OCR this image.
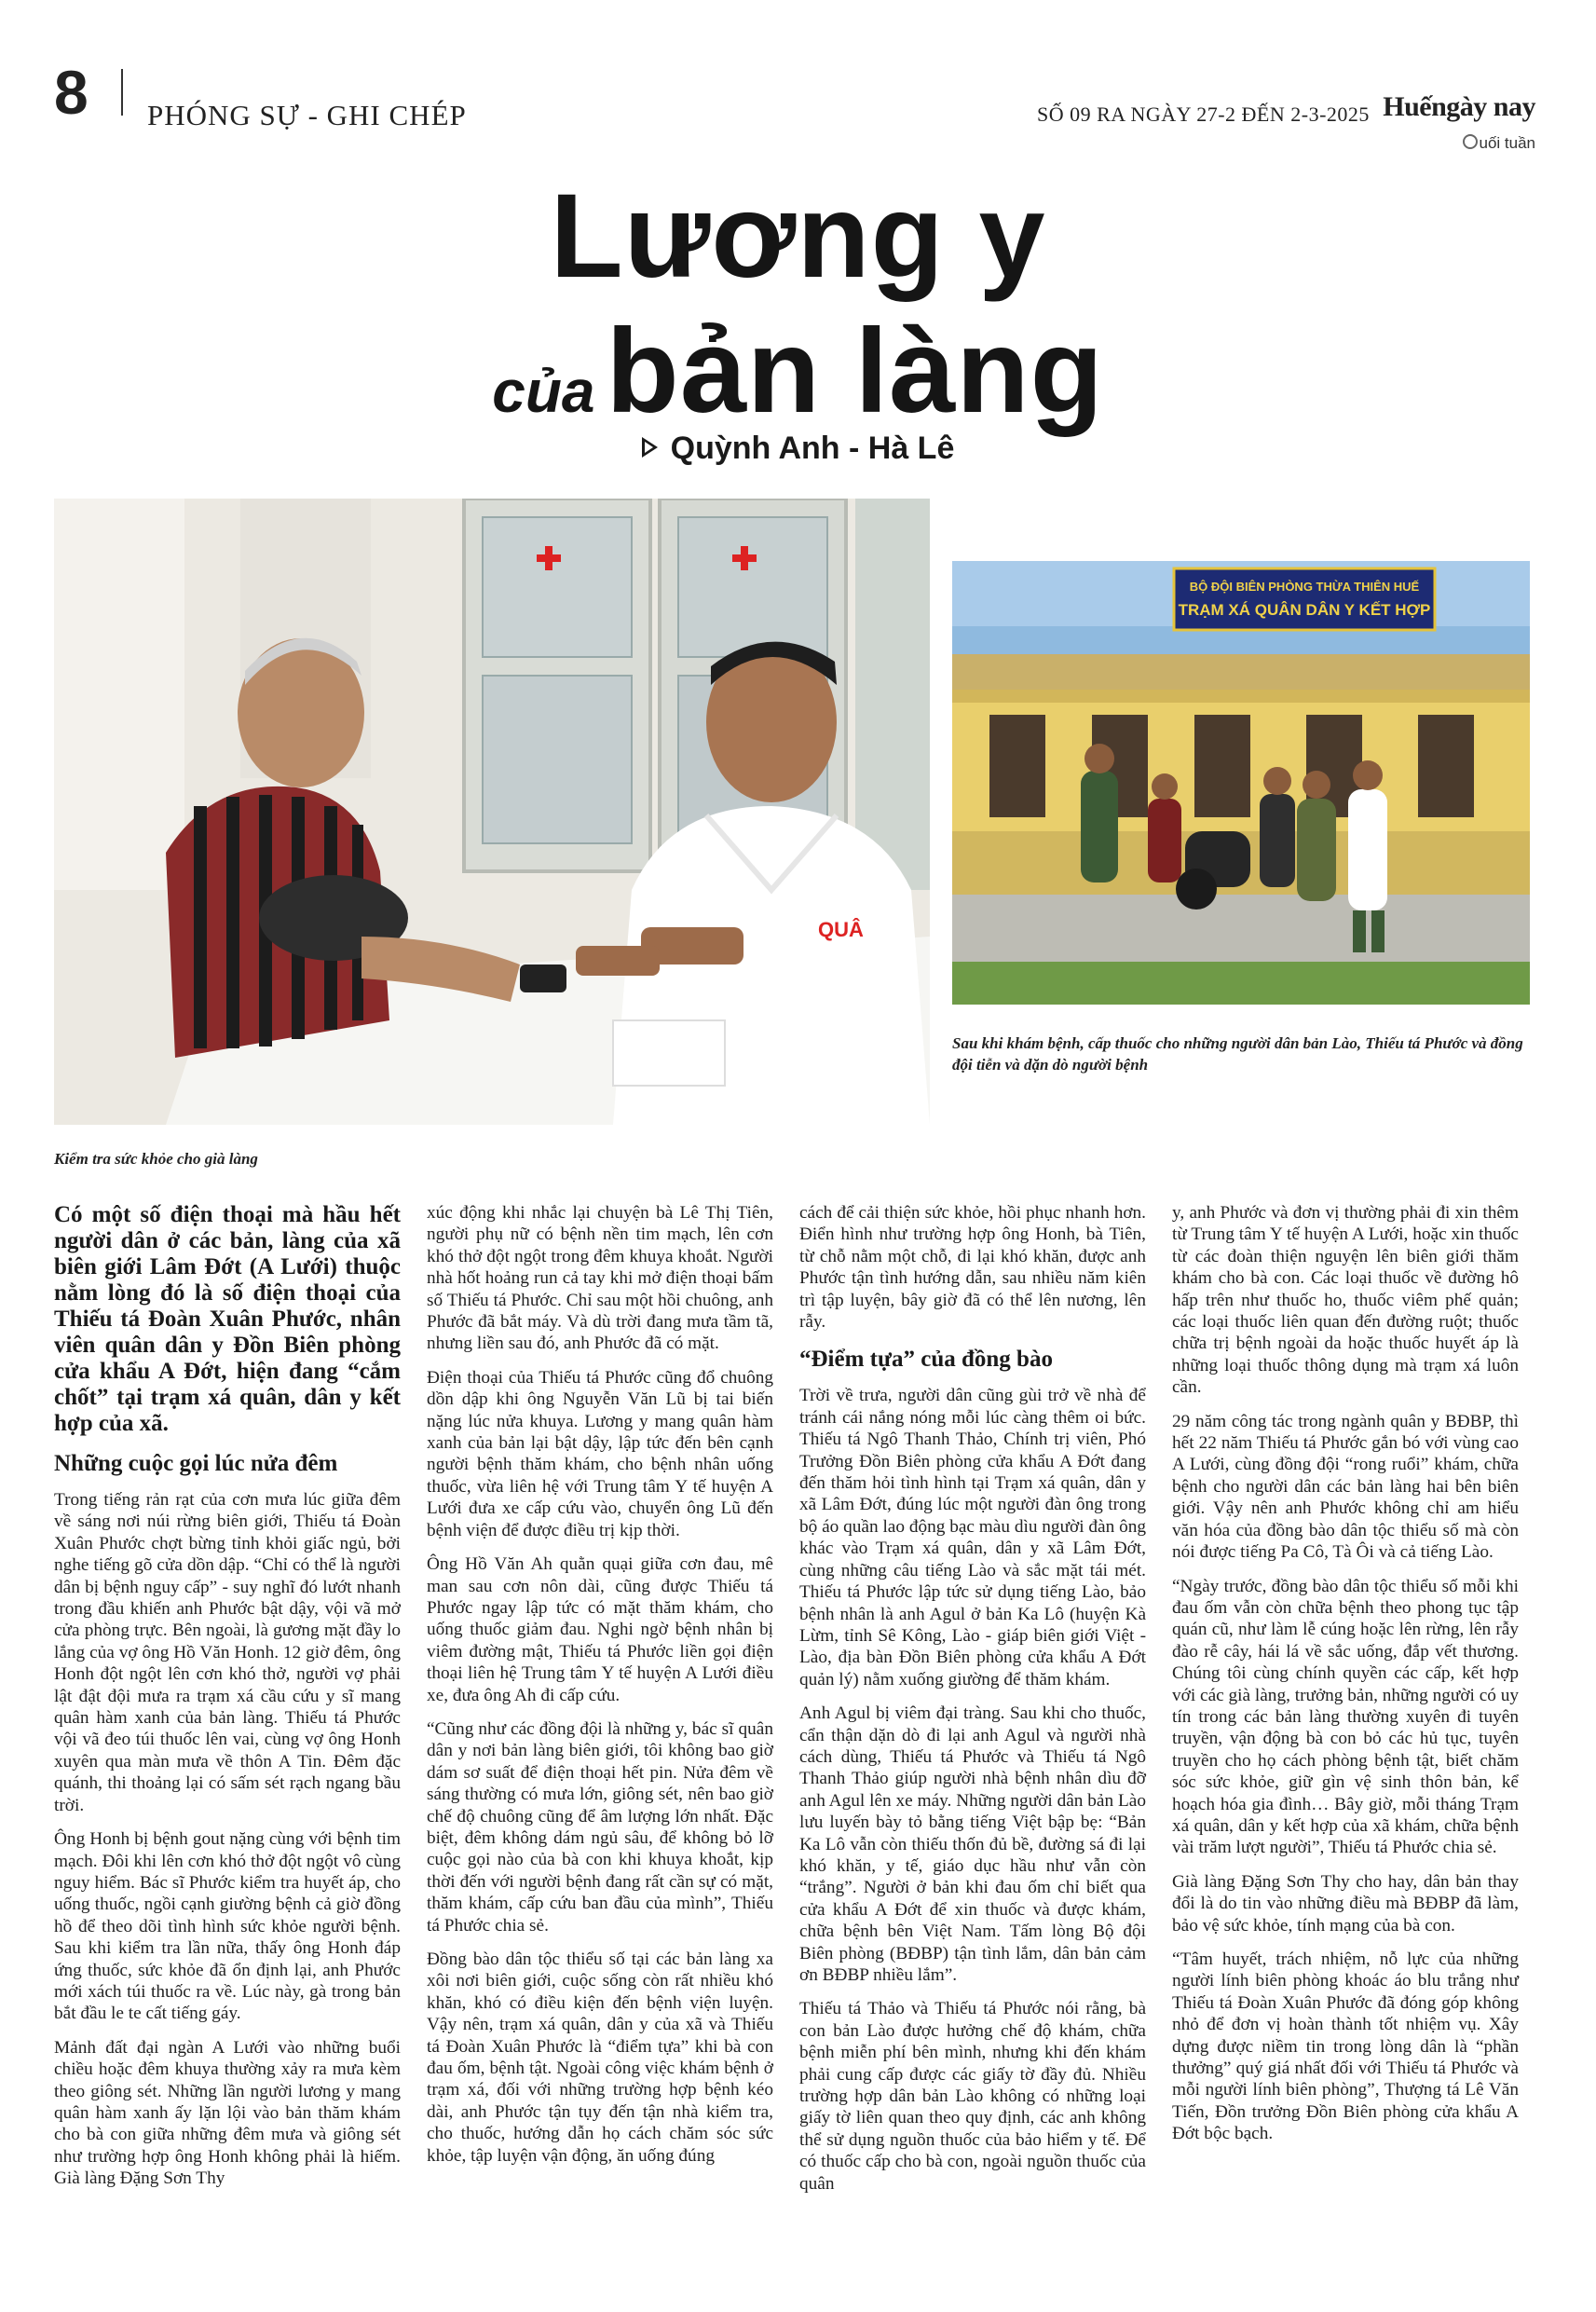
8 PHÓNG SỰ - GHI CHÉP	SỐ 09 RA NGÀY 27-2 ĐẾN 2-3-2025 Huếngày nay
uối tuần
Lương y
củabản làng
Quỳnh Anh - Hà Lê
QUÂ
BỘ ĐỘI BIÊN PHÒNG THỪA THIÊN HUẾ
TRẠM XÁ QUÂN DÂN Y KẾT HỢP
Kiểm tra sức khỏe cho già làng
Sau khi khám bệnh, cấp thuốc cho những người dân bản Lào, Thiếu tá Phước và đồng đội tiễn và dặn dò người bệnh

Có một số điện thoại mà hầu hết người dân ở các bản, làng của xã biên giới Lâm Đớt (A Lưới) thuộc nằm lòng đó là số điện thoại của Thiếu tá Đoàn Xuân Phước, nhân viên quân dân y Đồn Biên phòng cửa khẩu A Đớt, hiện đang “cắm chốt” tại trạm xá quân, dân y kết hợp của xã.

Những cuộc gọi lúc nửa đêm

Trong tiếng rản rạt của cơn mưa lúc giữa đêm về sáng nơi núi rừng biên giới, Thiếu tá Đoàn Xuân Phước chợt bừng tỉnh khỏi giấc ngủ, bởi nghe tiếng gõ cửa dồn dập. “Chỉ có thể là người dân bị bệnh nguy cấp” - suy nghĩ đó lướt nhanh trong đầu khiến anh Phước bật dậy, vội vã mở cửa phòng trực. Bên ngoài, là gương mặt đầy lo lắng của vợ ông Hồ Văn Honh. 12 giờ đêm, ông Honh đột ngột lên cơn khó thở, người vợ phải lật đật đội mưa ra trạm xá cầu cứu y sĩ mang quân hàm xanh của bản làng. Thiếu tá Phước vội vã đeo túi thuốc lên vai, cùng vợ ông Honh xuyên qua màn mưa về thôn A Tin. Đêm đặc quánh, thi thoảng lại có sấm sét rạch ngang bầu trời.

Ông Honh bị bệnh gout nặng cùng với bệnh tim mạch. Đôi khi lên cơn khó thở đột ngột vô cùng nguy hiểm. Bác sĩ Phước kiểm tra huyết áp, cho uống thuốc, ngồi cạnh giường bệnh cả giờ đồng hồ để theo dõi tình hình sức khỏe người bệnh. Sau khi kiểm tra lần nữa, thấy ông Honh đáp ứng thuốc, sức khỏe đã ổn định lại, anh Phước mới xách túi thuốc ra về. Lúc này, gà trong bản bắt đầu le te cất tiếng gáy.

Mảnh đất đại ngàn A Lưới vào những buổi chiều hoặc đêm khuya thường xảy ra mưa kèm theo giông sét. Những lần người lương y mang quân hàm xanh ấy lặn lội vào bản thăm khám cho bà con giữa những đêm mưa và giông sét như trường hợp ông Honh không phải là hiếm. Già làng Đặng Sơn Thy

xúc động khi nhắc lại chuyện bà Lê Thị Tiên, người phụ nữ có bệnh nền tim mạch, lên cơn khó thở đột ngột trong đêm khuya khoắt. Người nhà hốt hoảng run cả tay khi mở điện thoại bấm số Thiếu tá Phước. Chỉ sau một hồi chuông, anh Phước đã bắt máy. Và dù trời đang mưa tầm tã, nhưng liền sau đó, anh Phước đã có mặt.

Điện thoại của Thiếu tá Phước cũng đổ chuông dồn dập khi ông Nguyễn Văn Lũ bị tai biến nặng lúc nửa khuya. Lương y mang quân hàm xanh của bản lại bật dậy, lập tức đến bên cạnh người bệnh thăm khám, cho bệnh nhân uống thuốc, vừa liên hệ với Trung tâm Y tế huyện A Lưới đưa xe cấp cứu vào, chuyển ông Lũ đến bệnh viện để được điều trị kịp thời.

Ông Hồ Văn Ah quằn quại giữa cơn đau, mê man sau cơn nôn dài, cũng được Thiếu tá Phước ngay lập tức có mặt thăm khám, cho uống thuốc giảm đau. Nghi ngờ bệnh nhân bị viêm đường mật, Thiếu tá Phước liền gọi điện thoại liên hệ Trung tâm Y tế huyện A Lưới điều xe, đưa ông Ah đi cấp cứu.

“Cũng như các đồng đội là những y, bác sĩ quân dân y nơi bản làng biên giới, tôi không bao giờ dám sơ suất để điện thoại hết pin. Nửa đêm về sáng thường có mưa lớn, giông sét, nên bao giờ chế độ chuông cũng để âm lượng lớn nhất. Đặc biệt, đêm không dám ngủ sâu, để không bỏ lỡ cuộc gọi nào của bà con khi khuya khoắt, kịp thời đến với người bệnh đang rất cần sự có mặt, thăm khám, cấp cứu ban đầu của mình”, Thiếu tá Phước chia sẻ.

Đồng bào dân tộc thiểu số tại các bản làng xa xôi nơi biên giới, cuộc sống còn rất nhiều khó khăn, khó có điều kiện đến bệnh viện luyện. Vậy nên, trạm xá quân, dân y của xã và Thiếu tá Đoàn Xuân Phước là “điểm tựa” khi bà con đau ốm, bệnh tật. Ngoài công việc khám bệnh ở trạm xá, đối với những trường hợp bệnh kéo dài, anh Phước tận tụy đến tận nhà kiểm tra, cho thuốc, hướng dẫn họ cách chăm sóc sức khỏe, tập luyện vận động, ăn uống đúng

cách để cải thiện sức khỏe, hồi phục nhanh hơn. Điển hình như trường hợp ông Honh, bà Tiên, từ chỗ nằm một chỗ, đi lại khó khăn, được anh Phước tận tình hướng dẫn, sau nhiều năm kiên trì tập luyện, bây giờ đã có thể lên nương, lên rẫy.

“Điểm tựa” của đồng bào

Trời về trưa, người dân cũng gùi trở về nhà để tránh cái nắng nóng mỗi lúc càng thêm oi bức. Thiếu tá Ngô Thanh Thảo, Chính trị viên, Phó Trưởng Đồn Biên phòng cửa khẩu A Đớt đang đến thăm hỏi tình hình tại Trạm xá quân, dân y xã Lâm Đớt, đúng lúc một người đàn ông trong bộ áo quần lao động bạc màu dìu người đàn ông khác vào Trạm xá quân, dân y xã Lâm Đớt, cùng những câu tiếng Lào và sắc mặt tái mét. Thiếu tá Phước lập tức sử dụng tiếng Lào, bảo bệnh nhân là anh Agul ở bản Ka Lô (huyện Kà Lừm, tỉnh Sê Kông, Lào - giáp biên giới Việt - Lào, địa bàn Đồn Biên phòng cửa khẩu A Đớt quản lý) nằm xuống giường để thăm khám.

Anh Agul bị viêm đại tràng. Sau khi cho thuốc, cẩn thận dặn dò đi lại anh Agul và người nhà cách dùng, Thiếu tá Phước và Thiếu tá Ngô Thanh Thảo giúp người nhà bệnh nhân dìu đỡ anh Agul lên xe máy. Những người dân bản Lào lưu luyến bày tỏ bằng tiếng Việt bập bẹ: “Bản Ka Lô vẫn còn thiếu thốn đủ bề, đường sá đi lại khó khăn, y tế, giáo dục hầu như vẫn còn “trắng”. Người ở bản khi đau ốm chỉ biết qua cửa khẩu A Đớt để xin thuốc và được khám, chữa bệnh bên Việt Nam. Tấm lòng Bộ đội Biên phòng (BĐBP) tận tình lắm, dân bản cảm ơn BĐBP nhiều lắm”.

Thiếu tá Thảo và Thiếu tá Phước nói rằng, bà con bản Lào được hưởng chế độ khám, chữa bệnh miễn phí bên mình, nhưng khi đến khám phải cung cấp được các giấy tờ đầy đủ. Nhiều trường hợp dân bản Lào không có những loại giấy tờ liên quan theo quy định, các anh không thể sử dụng nguồn thuốc của bảo hiểm y tế. Để có thuốc cấp cho bà con, ngoài nguồn thuốc của quân

y, anh Phước và đơn vị thường phải đi xin thêm từ Trung tâm Y tế huyện A Lưới, hoặc xin thuốc từ các đoàn thiện nguyện lên biên giới thăm khám cho bà con. Các loại thuốc về đường hô hấp trên như thuốc ho, thuốc viêm phế quản; các loại thuốc liên quan đến đường ruột; thuốc chữa trị bệnh ngoài da hoặc thuốc huyết áp là những loại thuốc thông dụng mà trạm xá luôn cần.

29 năm công tác trong ngành quân y BĐBP, thì hết 22 năm Thiếu tá Phước gắn bó với vùng cao A Lưới, cùng đồng đội “rong ruổi” khám, chữa bệnh cho người dân các bản làng hai bên biên giới. Vậy nên anh Phước không chỉ am hiểu văn hóa của đồng bào dân tộc thiểu số mà còn nói được tiếng Pa Cô, Tà Ôi và cả tiếng Lào.

“Ngày trước, đồng bào dân tộc thiểu số mỗi khi đau ốm vẫn còn chữa bệnh theo phong tục tập quán cũ, như làm lễ cúng hoặc lên rừng, lên rẫy đào rễ cây, hái lá về sắc uống, đắp vết thương. Chúng tôi cùng chính quyền các cấp, kết hợp với các già làng, trưởng bản, những người có uy tín trong các bản làng thường xuyên đi tuyên truyền, vận động bà con bỏ các hủ tục, tuyên truyền cho họ cách phòng bệnh tật, biết chăm sóc sức khỏe, giữ gìn vệ sinh thôn bản, kể hoạch hóa gia đình… Bây giờ, mỗi tháng Trạm xá quân, dân y kết hợp của xã khám, chữa bệnh vài trăm lượt người”, Thiếu tá Phước chia sẻ.

Già làng Đặng Sơn Thy cho hay, dân bản thay đổi là do tin vào những điều mà BĐBP đã làm, bảo vệ sức khỏe, tính mạng của bà con.

“Tâm huyết, trách nhiệm, nỗ lực của những người lính biên phòng khoác áo blu trắng như Thiếu tá Đoàn Xuân Phước đã đóng góp không nhỏ để đơn vị hoàn thành tốt nhiệm vụ. Xây dựng được niềm tin trong lòng dân là “phần thưởng” quý giá nhất đối với Thiếu tá Phước và mỗi người lính biên phòng”, Thượng tá Lê Văn Tiến, Đồn trưởng Đồn Biên phòng cửa khẩu A Đớt bộc bạch.
